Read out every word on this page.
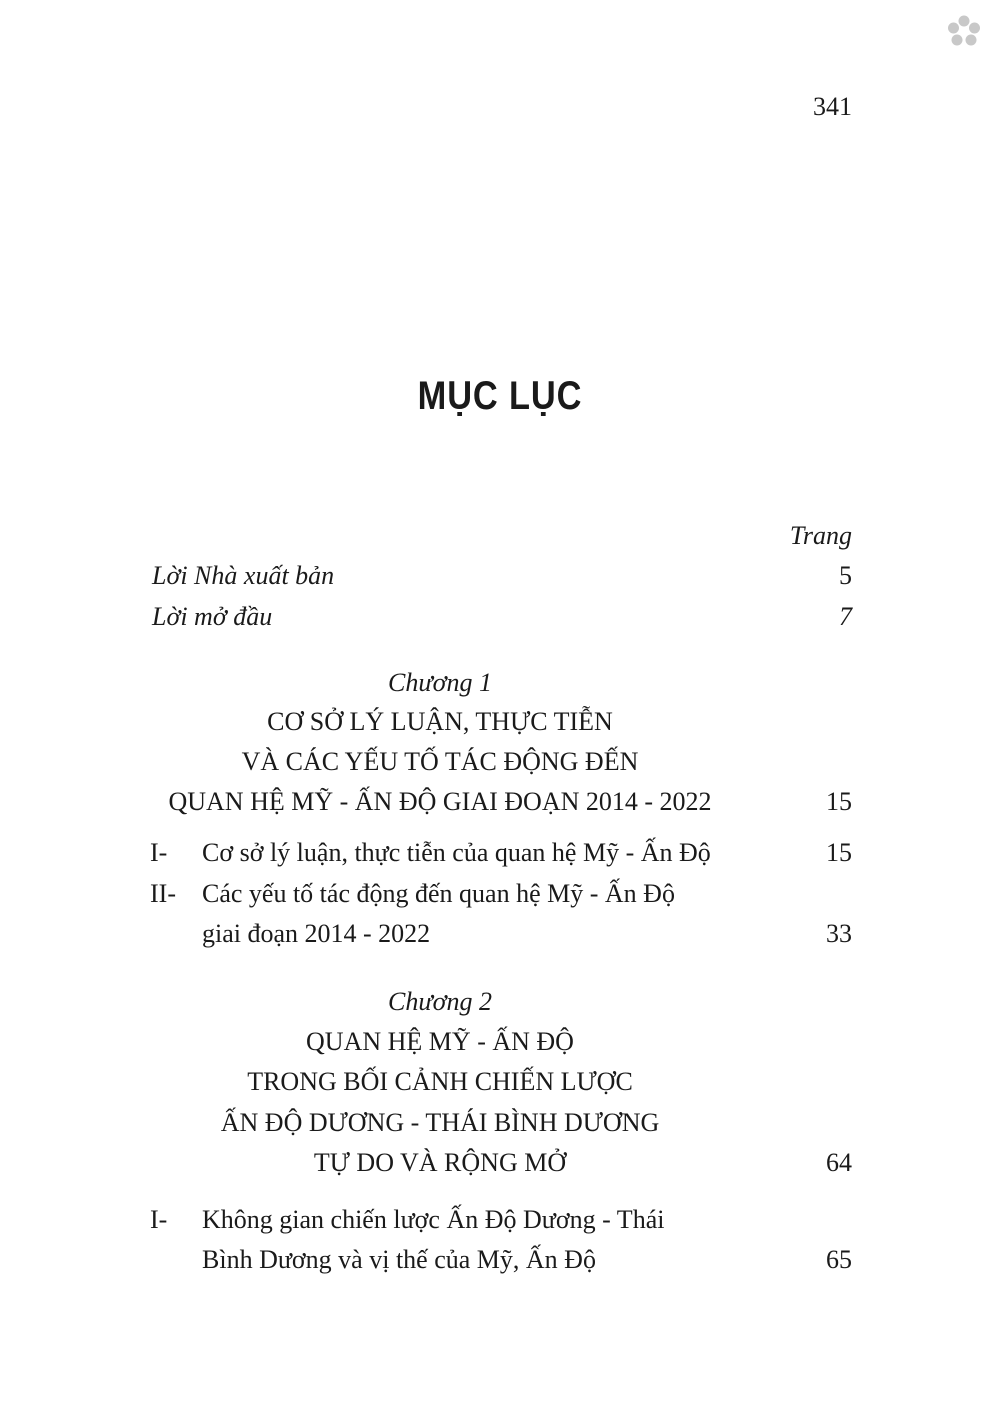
341
MỤC LỤC
Trang
Lời Nhà xuất bản	5
Lời mở đầu	7
Chương 1
CƠ SỞ LÝ LUẬN, THỰC TIỄN
VÀ CÁC YẾU TỐ TÁC ĐỘNG ĐẾN
QUAN HỆ MỸ - ẤN ĐỘ GIAI ĐOẠN 2014 - 2022	15
I- Cơ sở lý luận, thực tiễn của quan hệ Mỹ - Ấn Độ	15
II- Các yếu tố tác động đến quan hệ Mỹ - Ấn Độ
giai đoạn 2014 - 2022	33
Chương 2
QUAN HỆ MỸ - ẤN ĐỘ
TRONG BỐI CẢNH CHIẾN LƯỢC
ẤN ĐỘ DƯƠNG - THÁI BÌNH DƯƠNG
TỰ DO VÀ RỘNG MỞ	64
I- Không gian chiến lược Ấn Độ Dương - Thái
Bình Dương và vị thế của Mỹ, Ấn Độ	65
